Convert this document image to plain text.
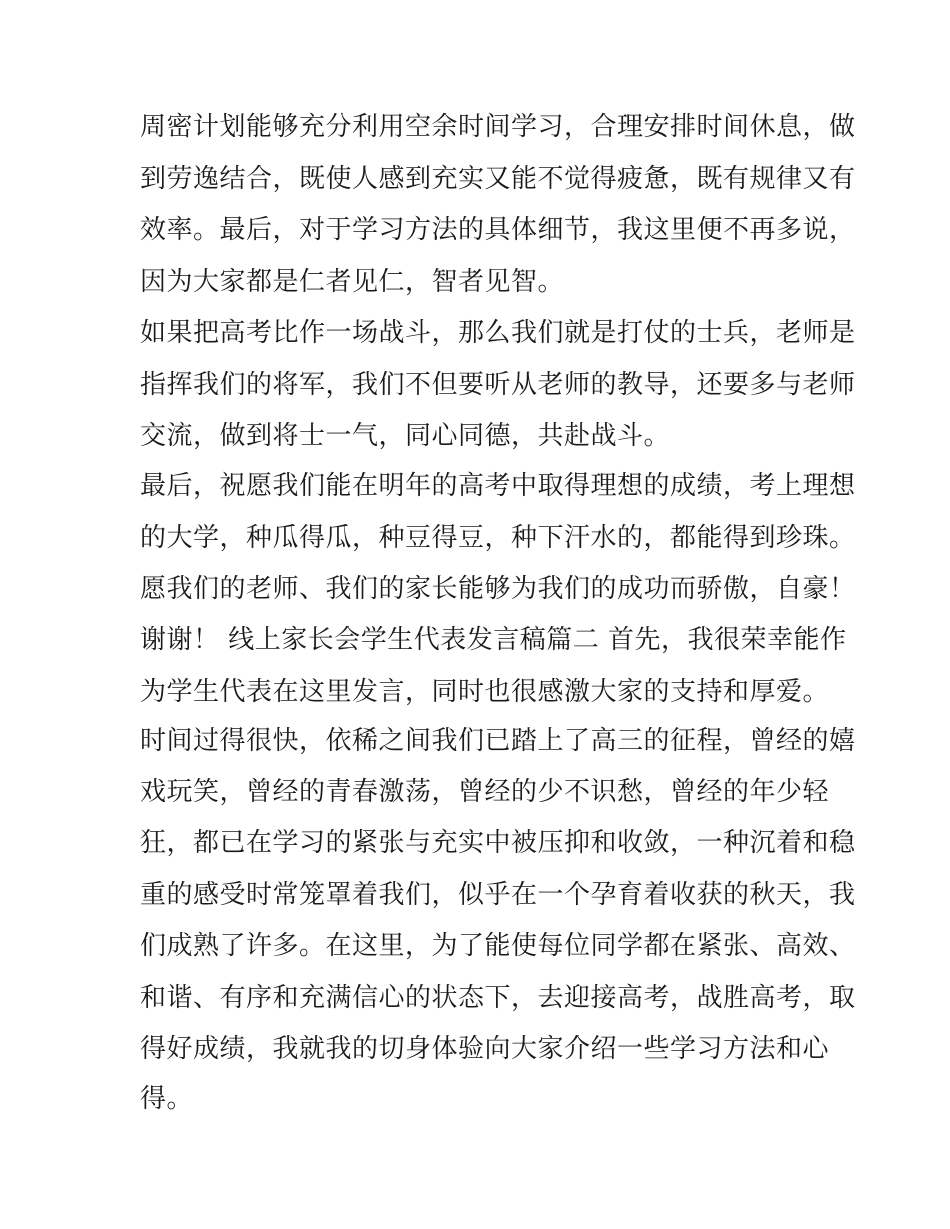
周密计划能够充分利用空余时间学习，合理安排时间休息，做

到劳逸结合，既使人感到充实又能不觉得疲惫，既有规律又有

效率。最后，对于学习方法的具体细节，我这里便不再多说，

因为大家都是仁者见仁，智者见智。

如果把高考比作一场战斗，那么我们就是打仗的士兵，老师是

指挥我们的将军，我们不但要听从老师的教导，还要多与老师

交流，做到将士一气，同心同德，共赴战斗。

最后，祝愿我们能在明年的高考中取得理想的成绩，考上理想

的大学，种瓜得瓜，种豆得豆，种下汗水的，都能得到珍珠。

愿我们的老师、我们的家长能够为我们的成功而骄傲，自豪！

谢谢！ 线上家长会学生代表发言稿篇二 首先，我很荣幸能作

为学生代表在这里发言，同时也很感激大家的支持和厚爱。

时间过得很快，依稀之间我们已踏上了高三的征程，曾经的嬉

戏玩笑，曾经的青春激荡，曾经的少不识愁，曾经的年少轻

狂，都已在学习的紧张与充实中被压抑和收敛，一种沉着和稳

重的感受时常笼罩着我们，似乎在一个孕育着收获的秋天，我

们成熟了许多。在这里，为了能使每位同学都在紧张、高效、

和谐、有序和充满信心的状态下，去迎接高考，战胜高考，取

得好成绩，我就我的切身体验向大家介绍一些学习方法和心

得。
